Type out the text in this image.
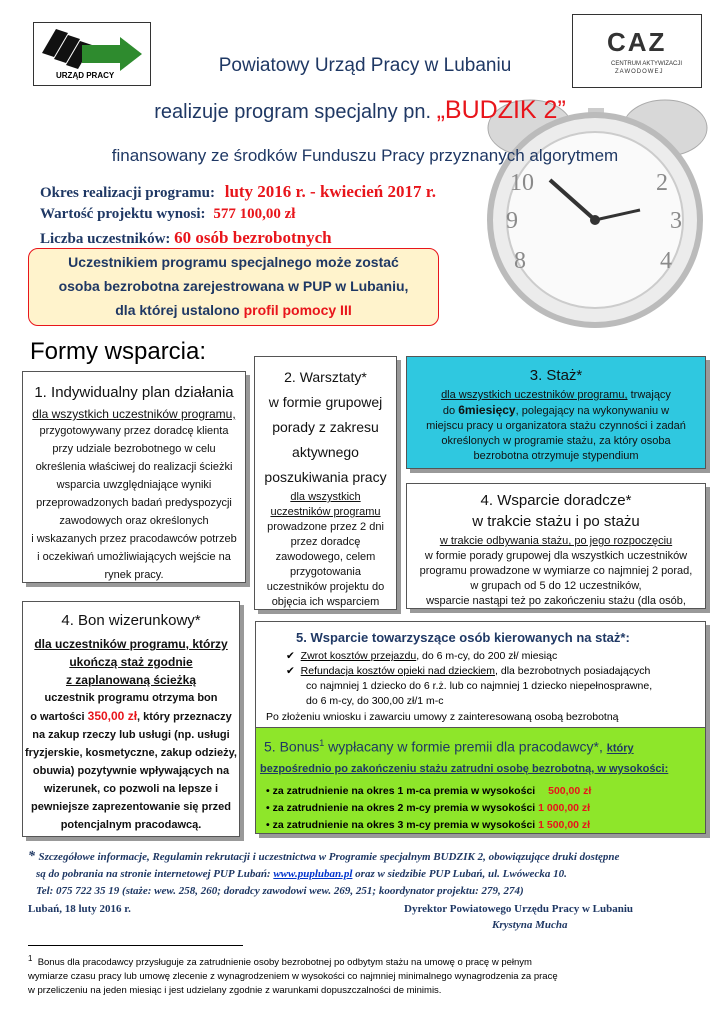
URZĄD PRACY
CAZ
CENTRUM AKTYWIZACJI
ZAWODOWEJ
10	2
9	3
8	4
Powiatowy Urząd Pracy w Lubaniu
realizuje program specjalny pn. „BUDZIK 2”
finansowany ze środków Funduszu Pracy przyznanych algorytmem
Okres realizacji programu: luty 2016 r. - kwiecień 2017 r.
Wartość projektu wynosi: 577 100,00 zł
Liczba uczestników: 60 osób bezrobotnych
Uczestnikiem programu specjalnego może zostać
osoba bezrobotna zarejestrowana w PUP w Lubaniu,
dla której ustalono profil pomocy III
Formy wsparcia:
1. Indywidualny plan działania
dla wszystkich uczestników programu,
przygotowywany przez doradcę klienta
przy udziale bezrobotnego w celu
określenia właściwej do realizacji ścieżki
wsparcia uwzględniające wyniki
przeprowadzonych badań predyspozycji
zawodowych oraz określonych
i wskazanych przez pracodawców potrzeb
i oczekiwań umożliwiających wejście na
rynek pracy.
2. Warsztaty*
w formie grupowej
porady z zakresu
aktywnego
poszukiwania pracy
dla wszystkich
uczestników programu
prowadzone przez 2 dni
przez doradcę
zawodowego, celem
przygotowania
uczestników projektu do
objęcia ich wsparciem
3. Staż*
dla wszystkich uczestników programu, trwający
do 6miesięcy, polegający na wykonywaniu w
miejscu pracy u organizatora stażu czynności i zadań
określonych w programie stażu, za który osoba
bezrobotna otrzymuje stypendium
4. Wsparcie doradcze*
w trakcie stażu i po stażu
w trakcie odbywania stażu, po jego rozpoczęciu
w formie porady grupowej dla wszystkich uczestników
programu prowadzone w wymiarze co najmniej 2 porad,
w grupach od 5 do 12 uczestników,
wsparcie nastąpi też po zakończeniu stażu (dla osób,
4. Bon wizerunkowy*
dla uczestników programu, którzy
ukończą staż zgodnie
z zaplanowaną ścieżką
uczestnik programu otrzyma bon
o wartości 350,00 zł, który przeznaczy
na zakup rzeczy lub usługi (np. usługi
fryzjerskie, kosmetyczne, zakup odzieży,
obuwia) pozytywnie wpływających na
wizerunek, co pozwoli na lepsze i
pewniejsze zaprezentowanie się przed
potencjalnym pracodawcą.
5. Wsparcie towarzyszące osób kierowanych na staż*:
✔ Zwrot kosztów przejazdu, do 6 m-cy, do 200 zł/ miesiąc
✔ Refundacja kosztów opieki nad dzieckiem, dla bezrobotnych posiadających
co najmniej 1 dziecko do 6 r.ż. lub co najmniej 1 dziecko niepełnosprawne,
do 6 m-cy, do 300,00 zł/1 m-c
Po złożeniu wniosku i zawarciu umowy z zainteresowaną osobą bezrobotną
5. Bonus$^1$ wypłacany w formie premii dla pracodawcy*, który
bezpośrednio po zakończeniu stażu zatrudni osobę bezrobotną, w wysokości:
• za zatrudnienie na okres 1 m-ca premia w wysokości 500,00 zł
• za zatrudnienie na okres 2 m-cy premia w wysokości 1 000,00 zł
• za zatrudnienie na okres 3 m-cy premia w wysokości 1 500,00 zł
* Szczegółowe informacje, Regulamin rekrutacji i uczestnictwa w Programie specjalnym BUDZIK 2, obowiązujące druki dostępne
są do pobrania na stronie internetowej PUP Lubań: www.pupluban.pl oraz w siedzibie PUP Lubań, ul. Lwówecka 10.
Tel: 075 722 35 19 (staże: wew. 258, 260; doradcy zawodowi wew. 269, 251; koordynator projektu: 279, 274)
Lubań, 18 luty 2016 r.	Dyrektor Powiatowego Urzędu Pracy w Lubaniu
Krystyna Mucha
$^1$ Bonus dla pracodawcy przysługuje za zatrudnienie osoby bezrobotnej po odbytym stażu na umowę o pracę w pełnym
wymiarze czasu pracy lub umowę zlecenie z wynagrodzeniem w wysokości co najmniej minimalnego wynagrodzenia za pracę
w przeliczeniu na jeden miesiąc i jest udzielany zgodnie z warunkami dopuszczalności de minimis.
